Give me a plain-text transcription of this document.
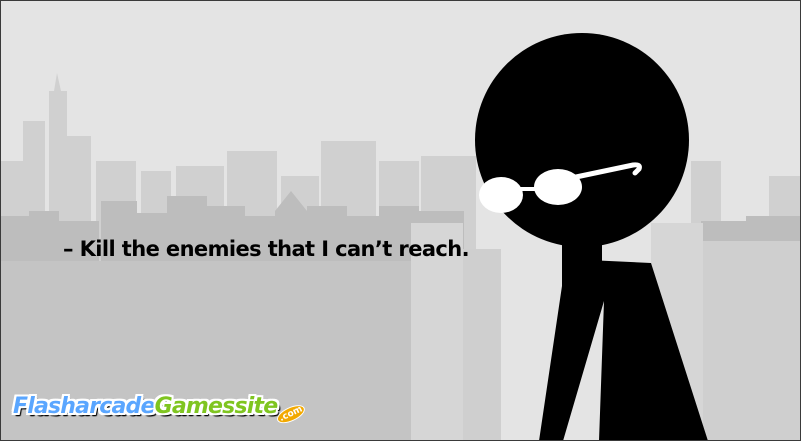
– Kill the enemies that I can’t reach.
FlasharcadeGamessite.com
